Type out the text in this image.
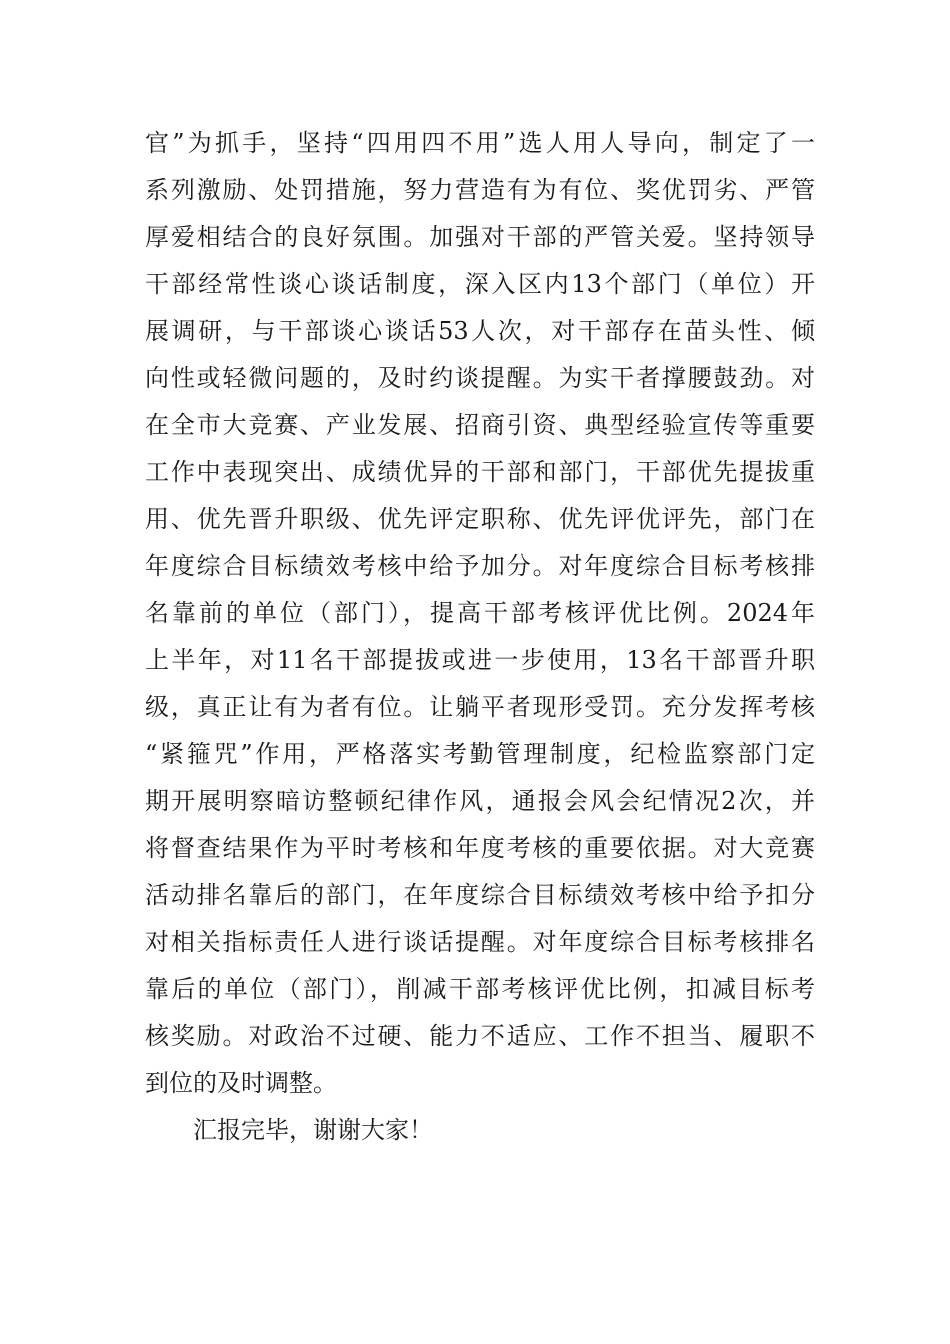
官”为抓手，坚持“四用四不用”选人用人导向，制定了一
系列激励、处罚措施，努力营造有为有位、奖优罚劣、严管
厚爱相结合的良好氛围。加强对干部的严管关爱。坚持领导
干部经常性谈心谈话制度，深入区内13个部门（单位）开
展调研，与干部谈心谈话53人次，对干部存在苗头性、倾
向性或轻微问题的，及时约谈提醒。为实干者撑腰鼓劲。对
在全市大竞赛、产业发展、招商引资、典型经验宣传等重要
工作中表现突出、成绩优异的干部和部门，干部优先提拔重
用、优先晋升职级、优先评定职称、优先评优评先，部门在
年度综合目标绩效考核中给予加分。对年度综合目标考核排
名靠前的单位（部门），提高干部考核评优比例。2024年
上半年，对11名干部提拔或进一步使用，13名干部晋升职
级，真正让有为者有位。让躺平者现形受罚。充分发挥考核
“紧箍咒”作用，严格落实考勤管理制度，纪检监察部门定
期开展明察暗访整顿纪律作风，通报会风会纪情况2次，并
将督查结果作为平时考核和年度考核的重要依据。对大竞赛
活动排名靠后的部门，在年度综合目标绩效考核中给予扣分
对相关指标责任人进行谈话提醒。对年度综合目标考核排名
靠后的单位（部门），削减干部考核评优比例，扣减目标考
核奖励。对政治不过硬、能力不适应、工作不担当、履职不
到位的及时调整。
汇报完毕，谢谢大家！
